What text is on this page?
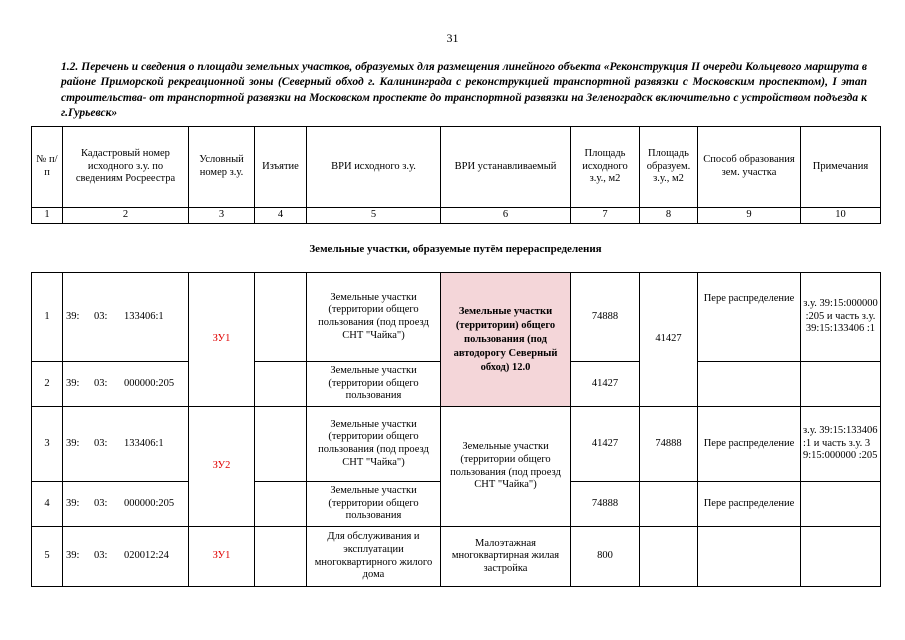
31
1.2. Перечень и сведения о площади земельных участков, образуемых для размещения линейного объекта «Реконструкция II очереди Кольцевого маршрута в районе Приморской рекреационной зоны (Северный обход г. Калининграда с реконструкцией транспортной развязки с Московским проспектом), I этап строительства- от транспортной развязки на Московском проспекте до транспортной развязки на Зеленоградск включительно с устройством подъезда к г.Гурьевск»
№ п/п	Кадастровый номер исходного з.у. по сведениям Росреестра	Условный номер з.у.	Изъятие	ВРИ исходного з.у.	ВРИ устанавливаемый	Площадь исходного з.у., м2	Площадь образуем. з.у., м2	Способ образования зем. участка	Примечания
1	2	3	4	5	6	7	8	9	10
Земельные участки, образуемые путём перераспределения
1	39: 03: 133406:1	ЗУ1		Земельные участки (территории общего пользования (под проезд СНТ "Чайка")	Земельные участки (территории) общего пользования (под автодорогу Северный обход) 12.0	74888	41427	Пере распределение	з.у. 39:15:000000 :205 и часть з.у. 39:15:133406 :1
2	39: 03: 000000:205			Земельные участки (территории общего пользования		41427			
3	39: 03: 133406:1	ЗУ2		Земельные участки (территории общего пользования (под проезд СНТ "Чайка")	Земельные участки (территории общего пользования (под проезд СНТ "Чайка")	41427	74888	Пере распределение	з.у. 39:15:133406 :1 и часть з.у. 39:15:000000 :205
4	39: 03: 000000:205			Земельные участки (территории общего пользования		74888		Пере распределение	
5	39: 03: 020012:24	ЗУ1		Для обслуживания и эксплуатации многоквартирного жилого дома	Малоэтажная многоквартирная жилая застройка	800			
